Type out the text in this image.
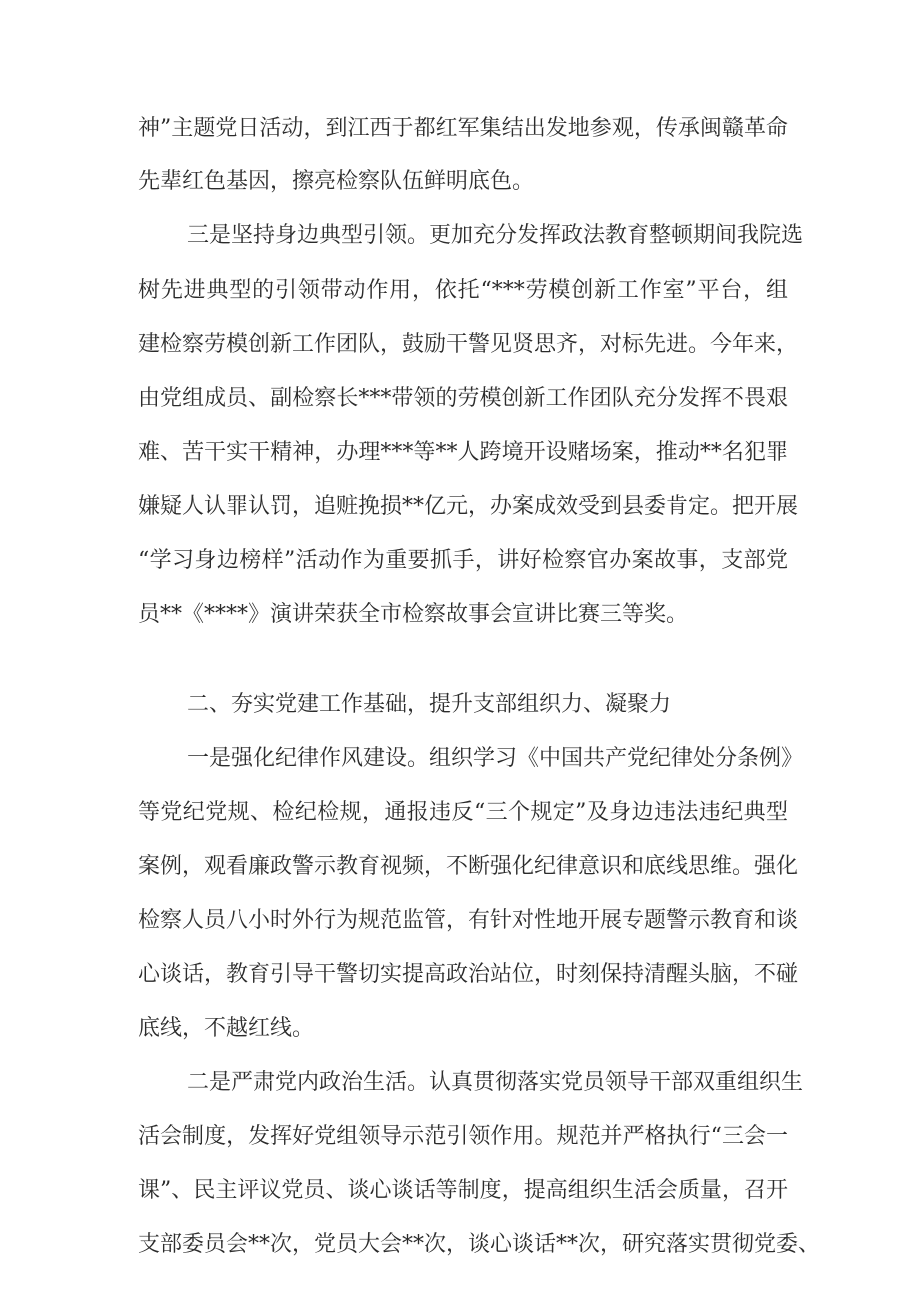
神”主题党日活动，到江西于都红军集结出发地参观，传承闽赣革命
先辈红色基因，擦亮检察队伍鲜明底色。
三是坚持身边典型引领。更加充分发挥政法教育整顿期间我院选
树先进典型的引领带动作用，依托“***劳模创新工作室”平台，组
建检察劳模创新工作团队，鼓励干警见贤思齐，对标先进。今年来，
由党组成员、副检察长***带领的劳模创新工作团队充分发挥不畏艰
难、苦干实干精神，办理***等**人跨境开设赌场案，推动**名犯罪
嫌疑人认罪认罚，追赃挽损**亿元，办案成效受到县委肯定。把开展
“学习身边榜样”活动作为重要抓手，讲好检察官办案故事，支部党
员**《****》演讲荣获全市检察故事会宣讲比赛三等奖。
二、夯实党建工作基础，提升支部组织力、凝聚力
一是强化纪律作风建设。组织学习《中国共产党纪律处分条例》
等党纪党规、检纪检规，通报违反“三个规定”及身边违法违纪典型
案例，观看廉政警示教育视频，不断强化纪律意识和底线思维。强化
检察人员八小时外行为规范监管，有针对性地开展专题警示教育和谈
心谈话，教育引导干警切实提高政治站位，时刻保持清醒头脑，不碰
底线，不越红线。
二是严肃党内政治生活。认真贯彻落实党员领导干部双重组织生
活会制度，发挥好党组领导示范引领作用。规范并严格执行“三会一
课”、民主评议党员、谈心谈话等制度，提高组织生活会质量，召开
支部委员会**次，党员大会**次，谈心谈话**次，研究落实贯彻党委、
